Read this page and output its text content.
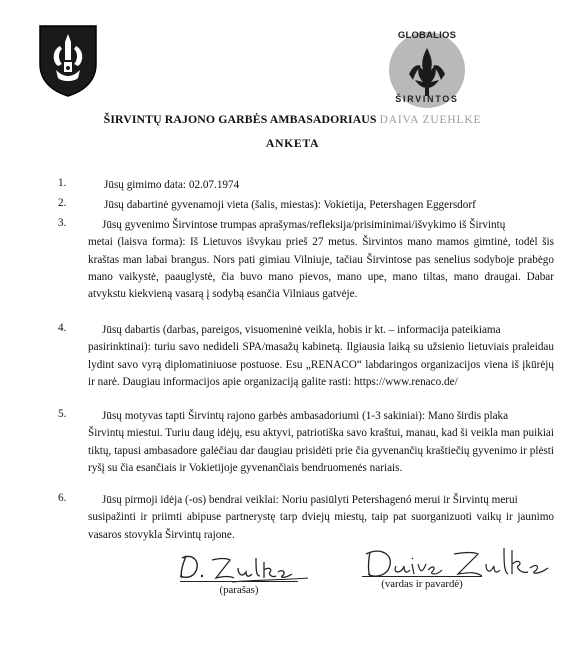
GLOBALIOS
ŠIRVINTOS
ŠIRVINTŲ RAJONO GARBĖS AMBASADORIAUS DAIVA ZUEHLKE
ANKETA
1.	Jūsų gimimo data: 02.07.1974
2.	Jūsų dabartinė gyvenamoji vieta (šalis, miestas): Vokietija, Petershagen Eggersdorf
3.	Jūsų gyvenimo Širvintose trumpas aprašymas/refleksija/prisiminimai/išvykimo iš Širvintų

metai (laisva forma): Iš Lietuvos išvykau prieš 27 metus. Širvintos mano mamos gimtinė, todėl šis kraštas man labai brangus. Nors pati gimiau Vilniuje, tačiau Širvintose pas senelius sodyboje prabėgo mano vaikystė, paauglystė, čia buvo mano pievos, mano upe, mano tiltas, mano draugai. Dabar atvykstu kiekvieną vasarą į sodybą esančia Vilniaus gatvėje.

4.	Jūsų dabartis (darbas, pareigos, visuomeninė veikla, hobis ir kt. – informacija pateikiama

pasirinktinai): turiu savo nedideli SPA/masažų kabinetą. Ilgiausia laiką su užsienio lietuviais praleidau lydint savo vyrą diplomatiniuose postuose. Esu „RENACO“ labdaringos organizacijos viena iš įkūrėjų ir narė. Daugiau informacijos apie organizaciją galite rasti: https://www.renaco.de/

5.	Jūsų motyvas tapti Širvintų rajono garbės ambasadoriumi (1-3 sakiniai): Mano širdis plaka

Širvintų miestui. Turiu daug idėjų, esu aktyvi, patriotiška savo kraštui, manau, kad ši veikla man puikiai tiktų, tapusi ambasadore galėčiau dar daugiau prisidėti prie čia gyvenančių kraštiečių gyvenimo ir plėsti ryšį su čia esančiais ir Vokietijoje gyvenančiais bendruomenės nariais.

6.	Jūsų pirmoji idėja (-os) bendrai veiklai: Noriu pasiūlyti Petershagenó merui ir Širvintų merui

susipažinti ir priimti abipuse partnerystę tarp dviejų miestų, taip pat suorganizuoti vaikų ir jaunimo vasaros stovykla Širvintų rajone.

(parašas)	(vardas ir pavardė)
